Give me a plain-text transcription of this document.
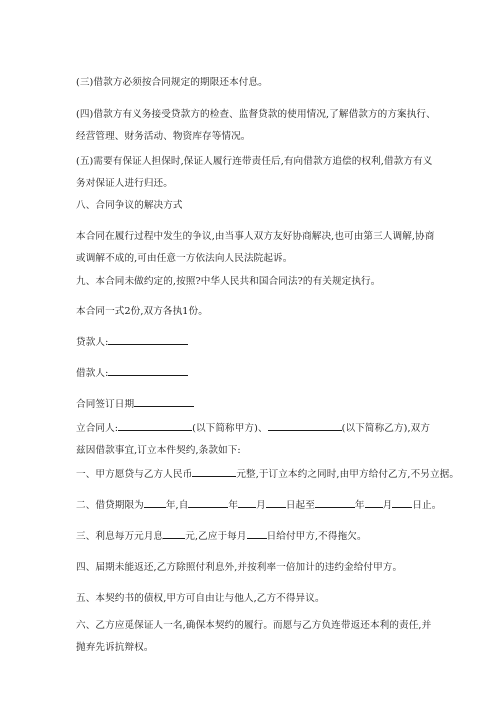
(三)借款方必须按合同规定的期限还本付息。
(四)借款方有义务接受贷款方的检查、监督贷款的使用情况,了解借款方的方案执行、经营管理、财务活动、物资库存等情况。
(五)需要有保证人担保时,保证人履行连带责任后,有向借款方追偿的权利,借款方有义务对保证人进行归还。
八、合同争议的解决方式
本合同在履行过程中发生的争议,由当事人双方友好协商解决,也可由第三人调解,协商或调解不成的,可由任意一方依法向人民法院起诉。
九、本合同未做约定的,按照?中华人民共和国合同法?的有关规定执行。
本合同一式2份,双方各执1份。
贷款人:
借款人:
合同签订日期
立合同人:	(以下简称甲方)、	(以下简称乙方),双方兹因借款事宜,订立本件契约,条款如下:
一、甲方愿贷与乙方人民币	元整,于订立本约之同时,由甲方给付乙方,不另立据。
二、借贷期限为 年,自	年 月 日起至	年 月 日止。
三、利息每万元月息 元,乙应于每月 日给付甲方,不得拖欠。
四、届期未能返还,乙方除照付利息外,并按利率一倍加计的违约金给付甲方。
五、本契约书的债权,甲方可自由让与他人,乙方不得异议。
六、乙方应觅保证人一名,确保本契约的履行。而愿与乙方负连带返还本利的责任,并抛弃先诉抗辩权。
